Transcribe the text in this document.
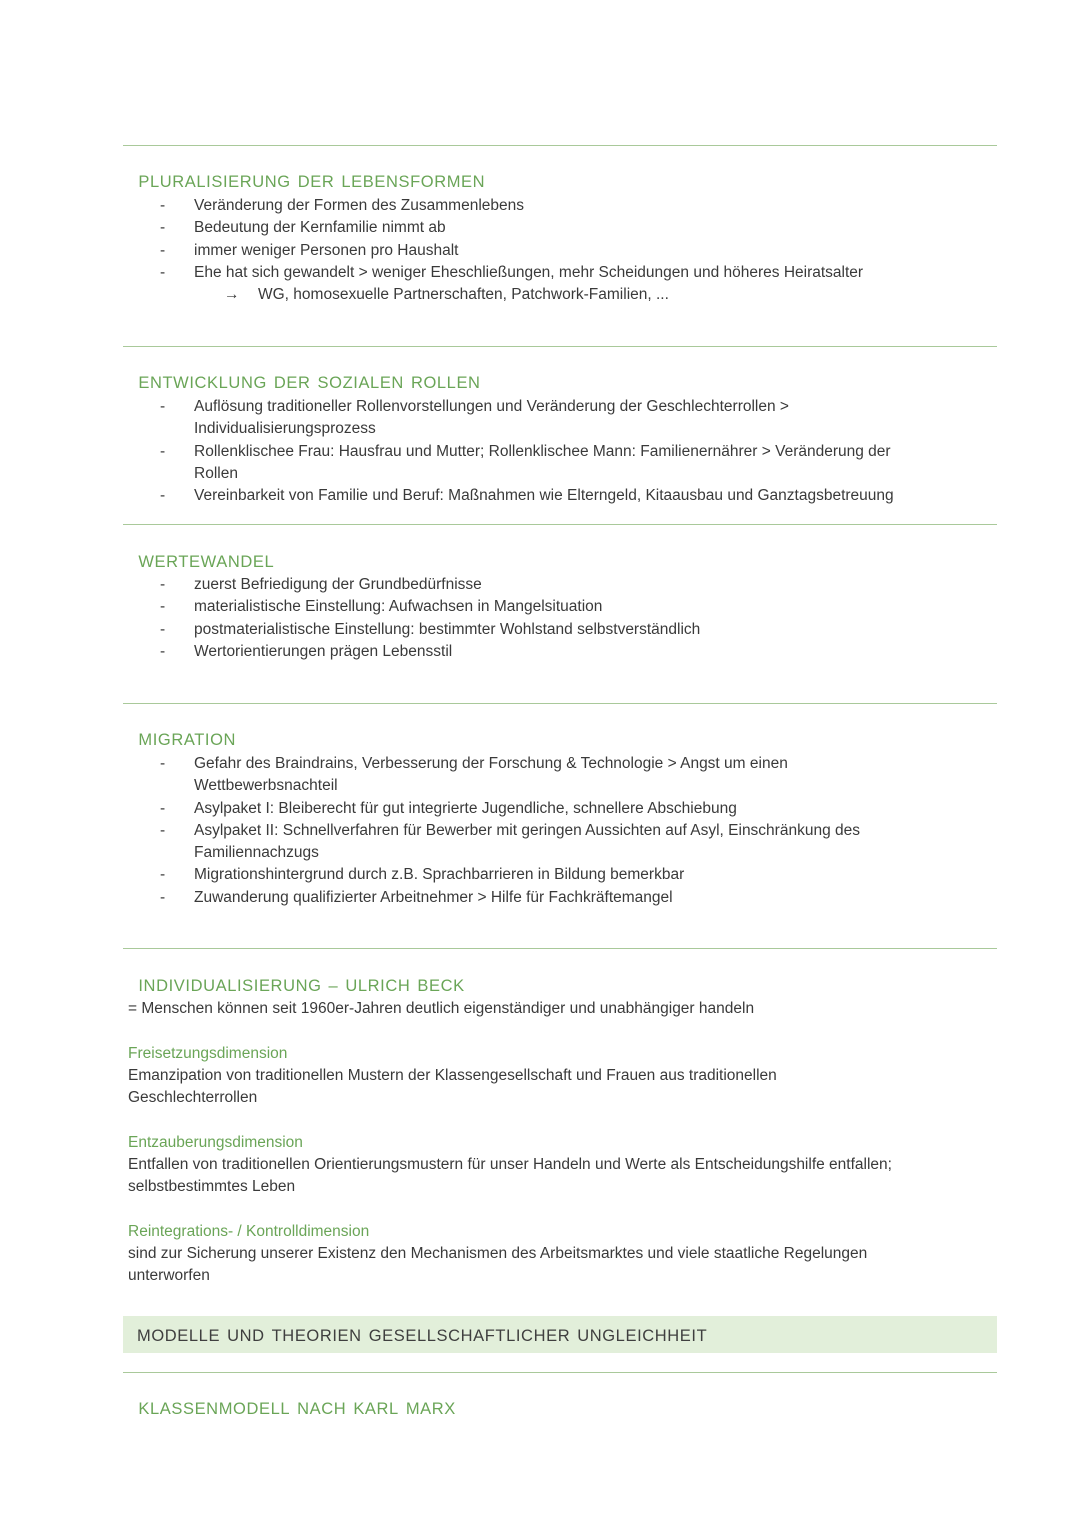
PLURALISIERUNG DER LEBENSFORMEN

- Veränderung der Formen des Zusammenlebens
- Bedeutung der Kernfamilie nimmt ab
- immer weniger Personen pro Haushalt
- Ehe hat sich gewandelt > weniger Eheschließungen, mehr Scheidungen und höheres Heiratsalter
→ WG, homosexuelle Partnerschaften, Patchwork-Familien, ...

ENTWICKLUNG DER SOZIALEN ROLLEN

- Auflösung traditioneller Rollenvorstellungen und Veränderung der Geschlechterrollen > Individualisierungsprozess
- Rollenklischee Frau: Hausfrau und Mutter; Rollenklischee Mann: Familienernährer > Veränderung der Rollen
- Vereinbarkeit von Familie und Beruf: Maßnahmen wie Elterngeld, Kitaausbau und Ganztagsbetreuung

WERTEWANDEL

- zuerst Befriedigung der Grundbedürfnisse
- materialistische Einstellung: Aufwachsen in Mangelsituation
- postmaterialistische Einstellung: bestimmter Wohlstand selbstverständlich
- Wertorientierungen prägen Lebensstil

MIGRATION

- Gefahr des Braindrains, Verbesserung der Forschung & Technologie > Angst um einen Wettbewerbsnachteil
- Asylpaket I: Bleiberecht für gut integrierte Jugendliche, schnellere Abschiebung
- Asylpaket II: Schnellverfahren für Bewerber mit geringen Aussichten auf Asyl, Einschränkung des Familiennachzugs
- Migrationshintergrund durch z.B. Sprachbarrieren in Bildung bemerkbar
- Zuwanderung qualifizierter Arbeitnehmer > Hilfe für Fachkräftemangel

INDIVIDUALISIERUNG – ULRICH BECK

= Menschen können seit 1960er-Jahren deutlich eigenständiger und unabhängiger handeln
Freisetzungsdimension
Emanzipation von traditionellen Mustern der Klassengesellschaft und Frauen aus traditionellen Geschlechterrollen
Entzauberungsdimension
Entfallen von traditionellen Orientierungsmustern für unser Handeln und Werte als Entscheidungshilfe entfallen; selbstbestimmtes Leben
Reintegrations- / Kontrolldimension
sind zur Sicherung unserer Existenz den Mechanismen des Arbeitsmarktes und viele staatliche Regelungen unterworfen
MODELLE UND THEORIEN GESELLSCHAFTLICHER UNGLEICHHEIT

KLASSENMODELL NACH KARL MARX
